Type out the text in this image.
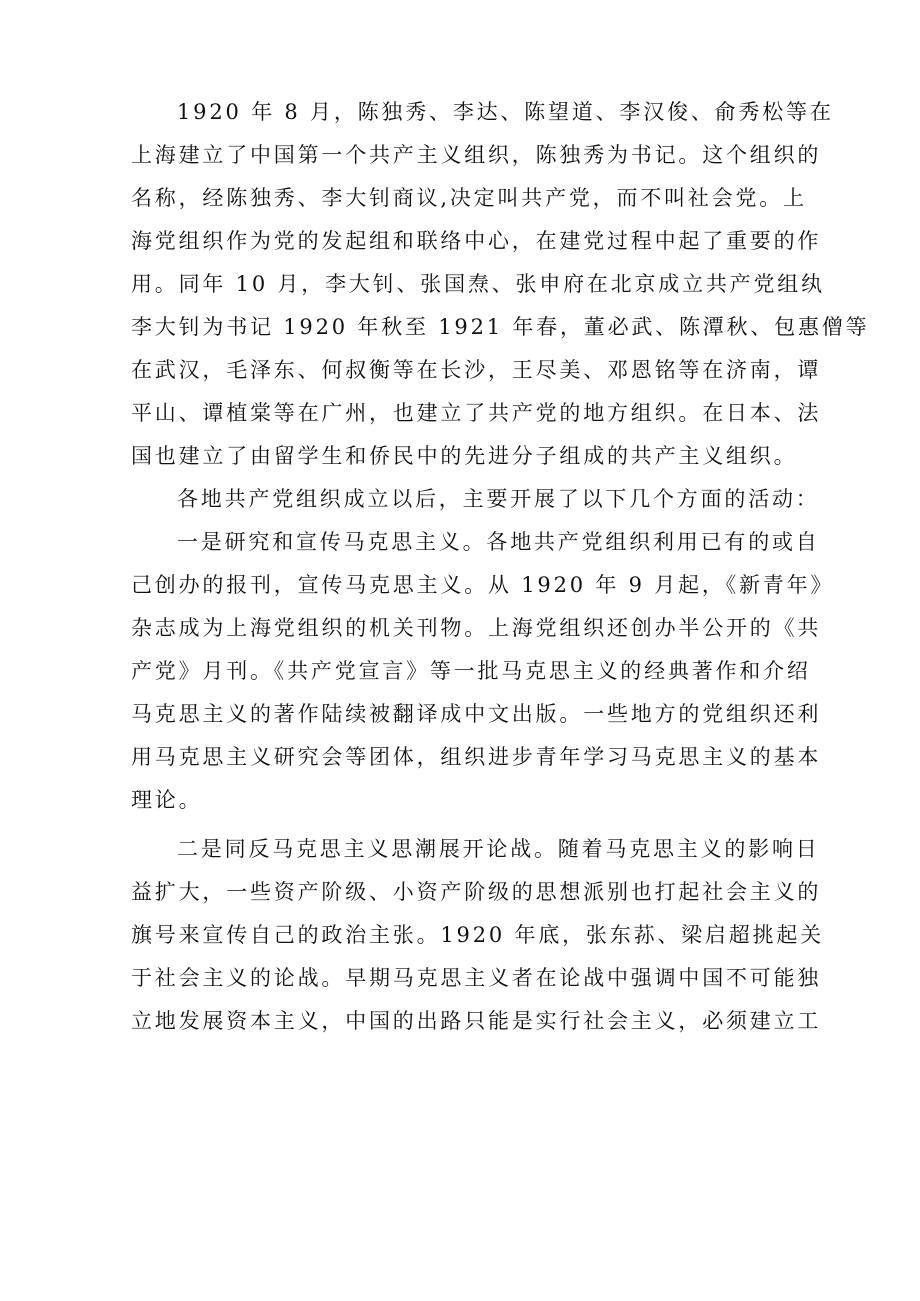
1920 年 8 月，陈独秀、李达、陈望道、李汉俊、俞秀松等在
上海建立了中国第一个共产主义组织，陈独秀为书记。这个组织的
名称，经陈独秀、李大钊商议,决定叫共产党，而不叫社会党。上
海党组织作为党的发起组和联络中心，在建党过程中起了重要的作
用。同年 10 月，李大钊、张国焘、张申府在北京成立共产党组纨
李大钊为书记 1920 年秋至 1921 年春，董必武、陈潭秋、包惠僧等
在武汉，毛泽东、何叔衡等在长沙，王尽美、邓恩铭等在济南，谭
平山、谭植棠等在广州，也建立了共产党的地方组织。在日本、法
国也建立了由留学生和侨民中的先进分子组成的共产主义组织。
各地共产党组织成立以后，主要开展了以下几个方面的活动：
一是研究和宣传马克思主义。各地共产党组织利用已有的或自
己创办的报刊，宣传马克思主义。从 1920 年 9 月起，《新青年》
杂志成为上海党组织的机关刊物。上海党组织还创办半公开的《共
产党》月刊。《共产党宣言》等一批马克思主义的经典著作和介绍
马克思主义的著作陆续被翻译成中文出版。一些地方的党组织还利
用马克思主义研究会等团体，组织进步青年学习马克思主义的基本
理论。
二是同反马克思主义思潮展开论战。随着马克思主义的影响日
益扩大，一些资产阶级、小资产阶级的思想派别也打起社会主义的
旗号来宣传自己的政治主张。1920 年底，张东荪、梁启超挑起关
于社会主义的论战。早期马克思主义者在论战中强调中国不可能独
立地发展资本主义，中国的出路只能是实行社会主义，必须建立工
